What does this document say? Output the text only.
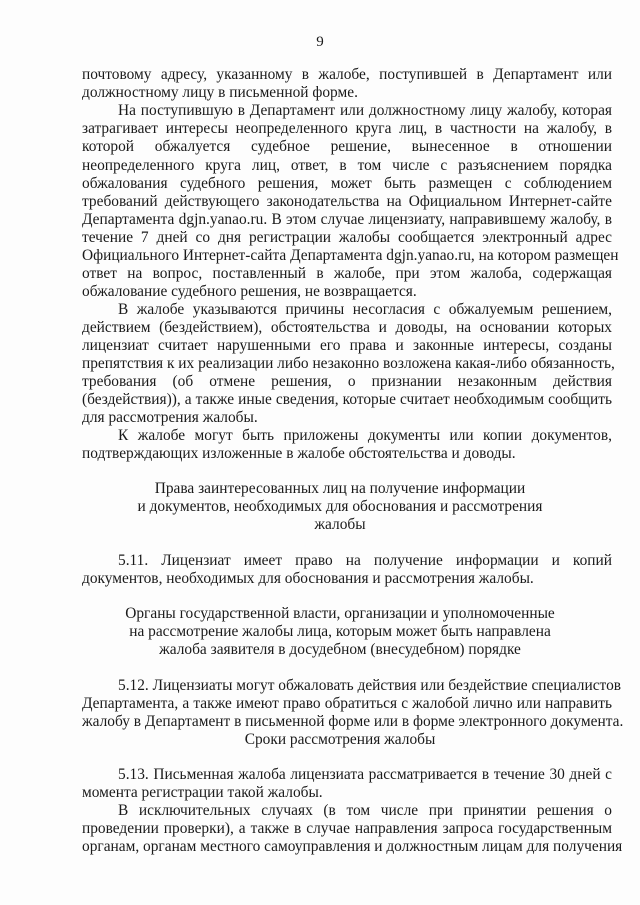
9
почтовому адресу, указанному в жалобе, поступившей в Департамент или
должностному лицу в письменной форме.
На поступившую в Департамент или должностному лицу жалобу, которая
затрагивает интересы неопределенного круга лиц, в частности на жалобу, в
которой обжалуется судебное решение, вынесенное в отношении
неопределенного круга лиц, ответ, в том числе с разъяснением порядка
обжалования судебного решения, может быть размещен с соблюдением
требований действующего законодательства на Официальном Интернет-сайте
Департамента dgjn.yanao.ru. В этом случае лицензиату, направившему жалобу, в
течение 7 дней со дня регистрации жалобы сообщается электронный адрес
Официального Интернет-сайта Департамента dgjn.yanao.ru, на котором размещен
ответ на вопрос, поставленный в жалобе, при этом жалоба, содержащая
обжалование судебного решения, не возвращается.
В жалобе указываются причины несогласия с обжалуемым решением,
действием (бездействием), обстоятельства и доводы, на основании которых
лицензиат считает нарушенными его права и законные интересы, созданы
препятствия к их реализации либо незаконно возложена какая-либо обязанность,
требования (об отмене решения, о признании незаконным действия
(бездействия)), а также иные сведения, которые считает необходимым сообщить
для рассмотрения жалобы.
К жалобе могут быть приложены документы или копии документов,
подтверждающих изложенные в жалобе обстоятельства и доводы.
Права заинтересованных лиц на получение информации
и документов, необходимых для обоснования и рассмотрения
жалобы
5.11. Лицензиат имеет право на получение информации и копий
документов, необходимых для обоснования и рассмотрения жалобы.
Органы государственной власти, организации и уполномоченные
на рассмотрение жалобы лица, которым может быть направлена
жалоба заявителя в досудебном (внесудебном) порядке
5.12. Лицензиаты могут обжаловать действия или бездействие специалистов
Департамента, а также имеют право обратиться с жалобой лично или направить
жалобу в Департамент в письменной форме или в форме электронного документа.
Сроки рассмотрения жалобы
5.13. Письменная жалоба лицензиата рассматривается в течение 30 дней с
момента регистрации такой жалобы.
В исключительных случаях (в том числе при принятии решения о
проведении проверки), а также в случае направления запроса государственным
органам, органам местного самоуправления и должностным лицам для получения
